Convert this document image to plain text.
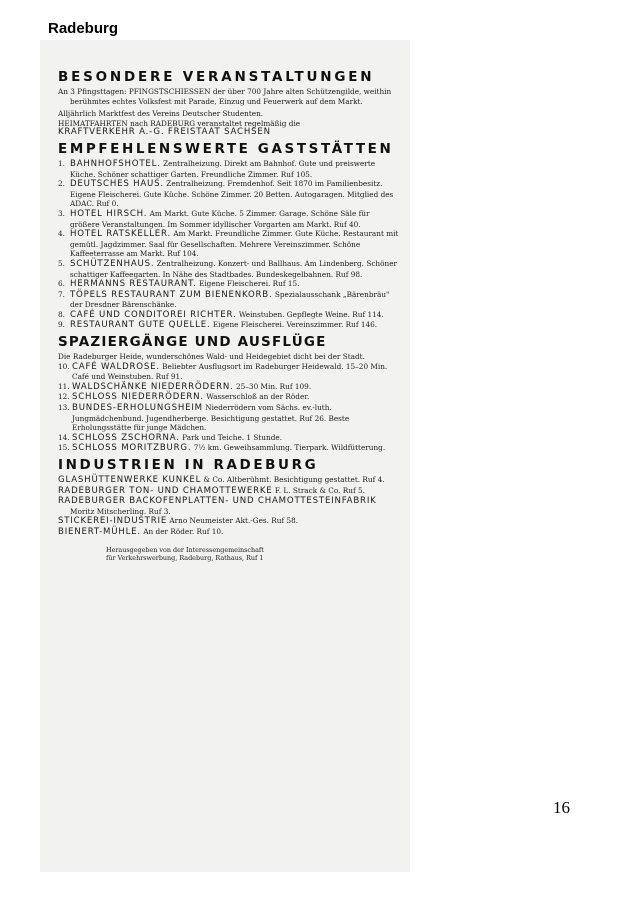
Radeburg
BESONDERE VERANSTALTUNGEN

An 3 Pfingsttagen: PFINGSTSCHIESSEN der über 700 Jahre alten Schützengilde, weithin berühmtes echtes Volksfest mit Parade, Einzug und Feuerwerk auf dem Markt.

Alljährlich Marktfest des Vereins Deutscher Studenten.

HEIMATFAHRTEN nach RADEBURG veranstaltet regelmäßig die

KRAFTVERKEHR A.-G. FREISTAAT SACHSEN

EMPFEHLENSWERTE GASTSTÄTTEN

1. BAHNHOFSHOTEL. Zentralheizung. Direkt am Bahnhof. Gute und preiswerte Küche. Schöner schattiger Garten. Freundliche Zimmer. Ruf 105.

2. DEUTSCHES HAUS. Zentralheizung. Fremdenhof. Seit 1870 im Familienbesitz. Eigene Fleischerei. Gute Küche. Schöne Zimmer. 20 Betten. Autogaragen. Mitglied des ADAC. Ruf 0.

3. HOTEL HIRSCH. Am Markt. Gute Küche. 5 Zimmer. Garage. Schöne Säle für größere Veranstaltungen. Im Sommer idyllischer Vorgarten am Markt. Ruf 40.

4. HOTEL RATSKELLER. Am Markt. Freundliche Zimmer. Gute Küche. Restaurant mit gemütl. Jagdzimmer. Saal für Gesellschaften. Mehrere Vereinszimmer. Schöne Kaffeeterrasse am Markt. Ruf 104.

5. SCHÜTZENHAUS. Zentralheizung. Konzert- und Ballhaus. Am Lindenberg. Schöner schattiger Kaffeegarten. In Nähe des Stadtbades. Bundeskegelbahnen. Ruf 98.

6. HERMANNS RESTAURANT. Eigene Fleischerei. Ruf 15.

7. TÖPELS RESTAURANT ZUM BIENENKORB. Spezialausschank „Bärenbräu" der Dresdner Bärenschänke.

8. CAFÉ UND CONDITOREI RICHTER. Weinstuben. Gepflegte Weine. Ruf 114.

9. RESTAURANT GUTE QUELLE. Eigene Fleischerei. Vereinszimmer. Ruf 146.

SPAZIERGÄNGE UND AUSFLÜGE

Die Radeburger Heide, wunderschönes Wald- und Heidegebiet dicht bei der Stadt.

10. CAFÉ WALDROSE. Beliebter Ausflugsort im Radeburger Heidewald. 15–20 Min. Café und Weinstuben. Ruf 91.

11. WALDSCHÄNKE NIEDERRÖDERN. 25–30 Min. Ruf 109.

12. SCHLOSS NIEDERRÖDERN. Wasserschloß an der Röder.

13. BUNDES-ERHOLUNGSHEIM Niederrödern vom Sächs. ev.-luth. Jungmädchenbund. Jugendherberge. Besichtigung gestattet. Ruf 26. Beste Erholungsstätte für junge Mädchen.

14. SCHLOSS ZSCHORNA. Park und Teiche. 1 Stunde.

15. SCHLOSS MORITZBURG. 7½ km. Geweihsammlung. Tierpark. Wildfütterung.

INDUSTRIEN IN RADEBURG

GLASHÜTTENWERKE KUNKEL & Co. Altberühmt. Besichtigung gestattet. Ruf 4.

RADEBURGER TON- UND CHAMOTTEWERKE F. L. Strack & Co. Ruf 5.

RADEBURGER BACKOFENPLATTEN- UND CHAMOTTESTEINFABRIK Moritz Mitscherling. Ruf 3.

STICKEREI-INDUSTRIE Arno Neumeister Akt.-Ges. Ruf 58.

BIENERT-MÜHLE. An der Röder. Ruf 10.

Herausgegeben von der Interessengemeinschaft
für Verkehrswerbung, Radeburg, Rathaus, Ruf 1
16
